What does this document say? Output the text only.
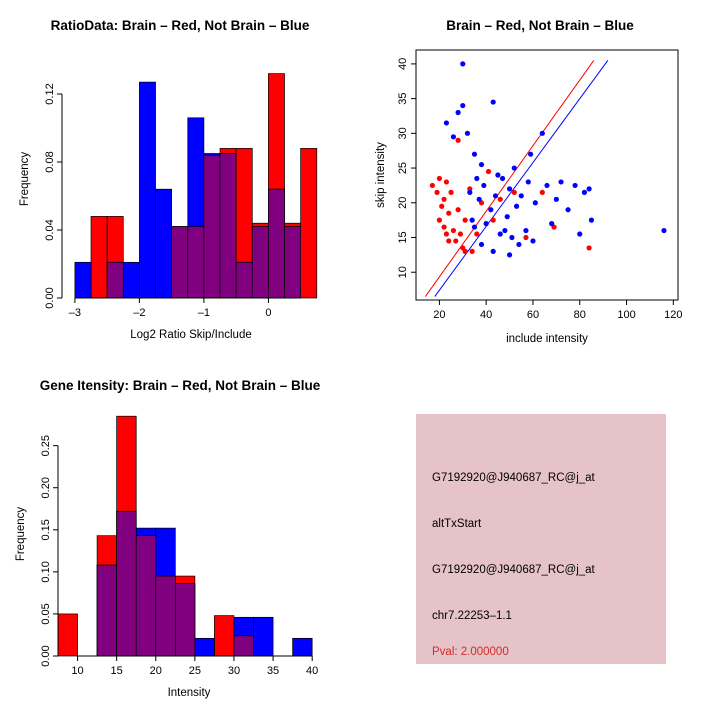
RatioData: Brain – Red, Not Brain – Blue
–3	–2	–1	0
0.00
0.04
0.08
0.12
Log2 Ratio Skip/Include
Frequency
Brain – Red, Not Brain – Blue
20	40	60	80	100	120
10
15
20
25
30
35
40
include intensity
skip intensity
Gene Itensity: Brain – Red, Not Brain – Blue
10 15 20 25 30 35 40
0.00
0.05
0.10
0.15
0.20
0.25
Intensity
Frequency
G7192920@J940687_RC@j_at
altTxStart
G7192920@J940687_RC@j_at
chr7.22253–1.1
Pval: 2.000000
